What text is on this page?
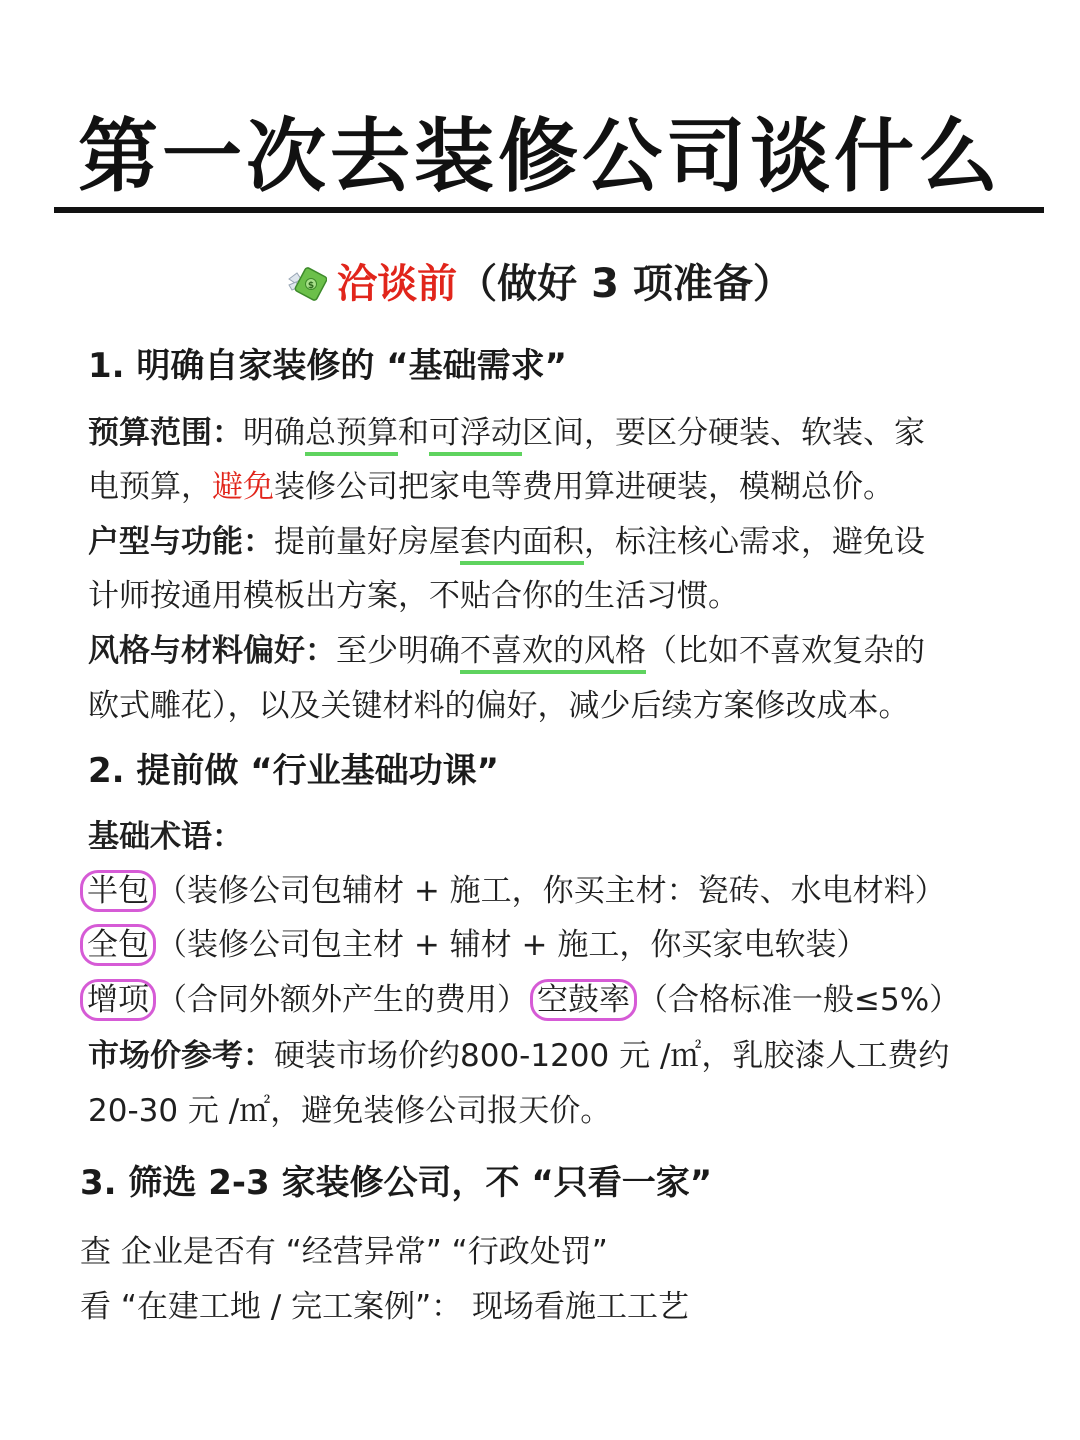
第一次去装修公司谈什么
$ 洽谈前（做好 3 项准备）
1. 明确自家装修的 “基础需求”
预算范围：明确总预算和可浮动区间，要区分硬装、软装、家
电预算，避免装修公司把家电等费用算进硬装，模糊总价。
户型与功能：提前量好房屋套内面积，标注核心需求，避免设
计师按通用模板出方案，不贴合你的生活习惯。
风格与材料偏好：至少明确不喜欢的风格（比如不喜欢复杂的
欧式雕花），以及关键材料的偏好，减少后续方案修改成本。
2. 提前做 “行业基础功课”
基础术语：
半包 （装修公司包辅材 + 施工，你买主材：瓷砖、水电材料）
全包 （装修公司包主材 + 辅材 + 施工，你买家电软装）
增项 （合同外额外产生的费用） 空鼓率 （合格标准一般≤5%）
市场价参考：硬装市场价约800-1200 元 /㎡，乳胶漆人工费约
20-30 元 /㎡，避免装修公司报天价。
3. 筛选 2-3 家装修公司，不 “只看一家”
查 企业是否有 “经营异常” “行政处罚”
看 “在建工地 / 完工案例”： 现场看施工工艺
